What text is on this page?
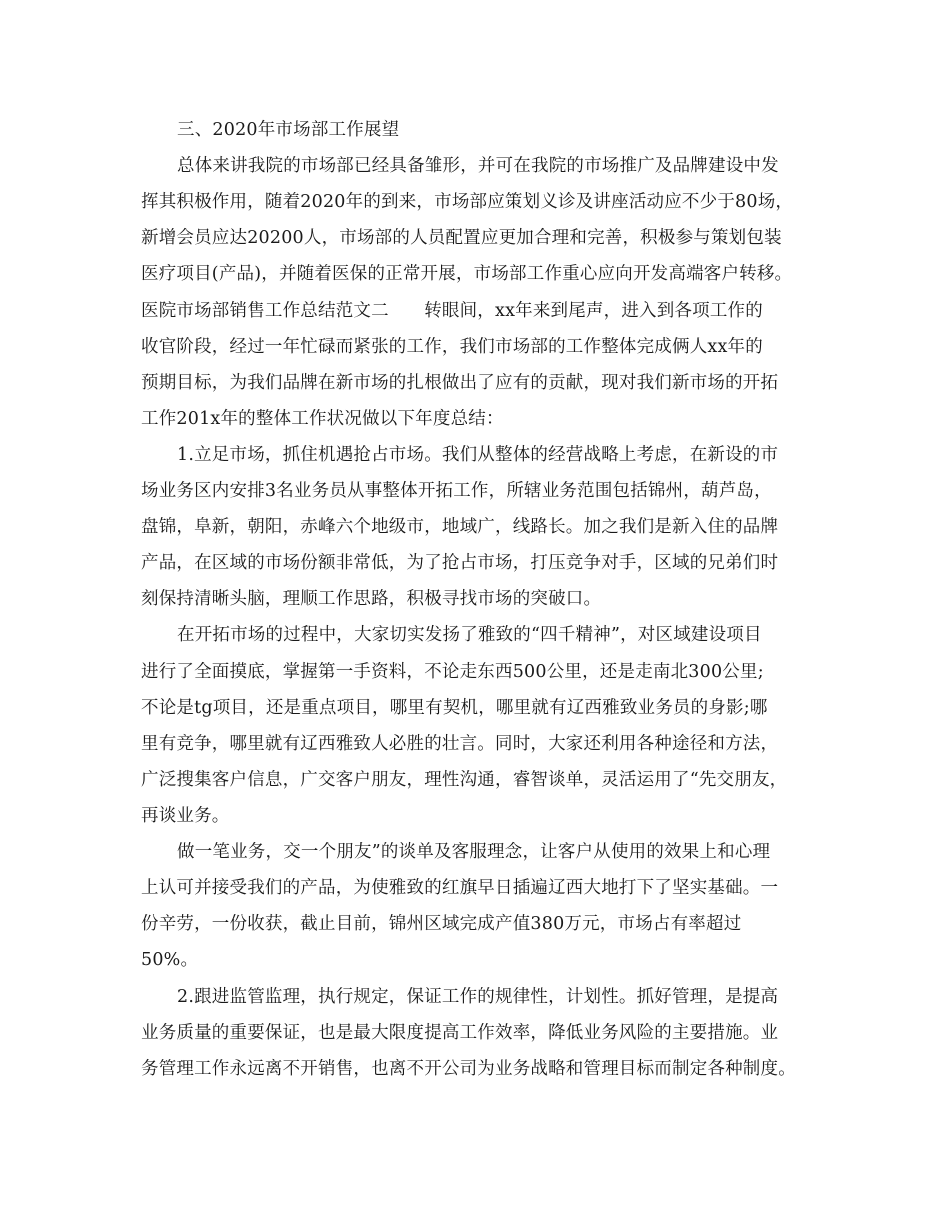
三、2020年市场部工作展望

总体来讲我院的市场部已经具备雏形，并可在我院的市场推广及品牌建设中发

挥其积极作用，随着2020年的到来，市场部应策划义诊及讲座活动应不少于80场，

新增会员应达20200人，市场部的人员配置应更加合理和完善，积极参与策划包装

医疗项目(产品)，并随着医保的正常开展，市场部工作重心应向开发高端客户转移。

医院市场部销售工作总结范文二　　转眼间，xx年来到尾声，进入到各项工作的

收官阶段，经过一年忙碌而紧张的工作，我们市场部的工作整体完成俩人xx年的

预期目标，为我们品牌在新市场的扎根做出了应有的贡献，现对我们新市场的开拓

工作201x年的整体工作状况做以下年度总结：

1.立足市场，抓住机遇抢占市场。我们从整体的经营战略上考虑，在新设的市

场业务区内安排3名业务员从事整体开拓工作，所辖业务范围包括锦州，葫芦岛，

盘锦，阜新，朝阳，赤峰六个地级市，地域广，线路长。加之我们是新入住的品牌

产品，在区域的市场份额非常低，为了抢占市场，打压竞争对手，区域的兄弟们时

刻保持清晰头脑，理顺工作思路，积极寻找市场的突破口。

在开拓市场的过程中，大家切实发扬了雅致的“四千精神”，对区域建设项目

进行了全面摸底，掌握第一手资料，不论走东西500公里，还是走南北300公里;

不论是tg项目，还是重点项目，哪里有契机，哪里就有辽西雅致业务员的身影;哪

里有竞争，哪里就有辽西雅致人必胜的壮言。同时，大家还利用各种途径和方法，

广泛搜集客户信息，广交客户朋友，理性沟通，睿智谈单，灵活运用了“先交朋友，

再谈业务。

做一笔业务，交一个朋友”的谈单及客服理念，让客户从使用的效果上和心理

上认可并接受我们的产品，为使雅致的红旗早日插遍辽西大地打下了坚实基础。一

份辛劳，一份收获，截止目前，锦州区域完成产值380万元，市场占有率超过

50%。

2.跟进监管监理，执行规定，保证工作的规律性，计划性。抓好管理，是提高

业务质量的重要保证，也是最大限度提高工作效率，降低业务风险的主要措施。业

务管理工作永远离不开销售，也离不开公司为业务战略和管理目标而制定各种制度。
